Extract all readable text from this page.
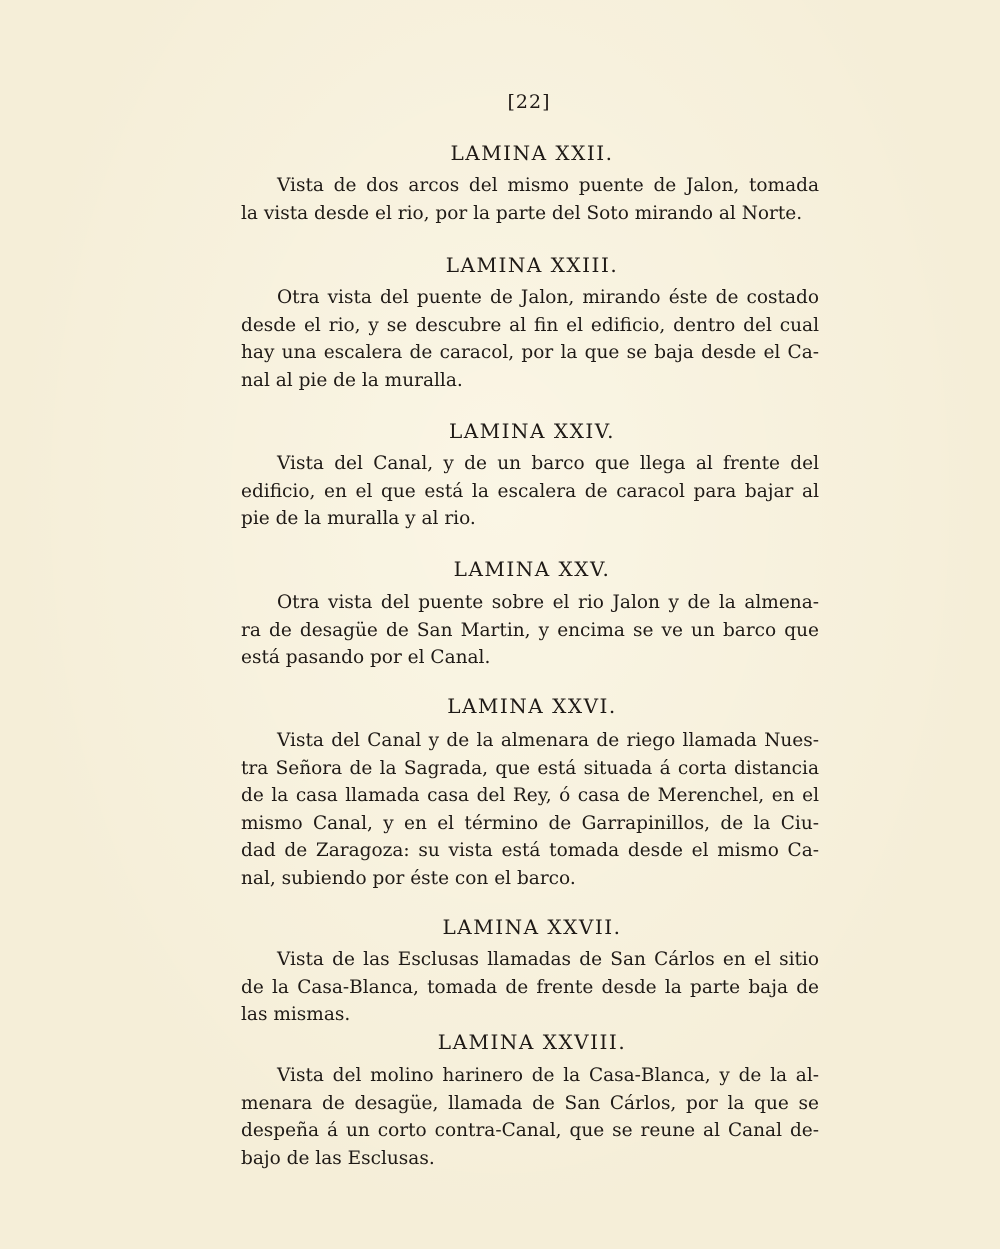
[22]
LAMINA XXII.
Vista de dos arcos del mismo puente de Jalon, tomada
la vista desde el rio, por la parte del Soto mirando al Norte.
LAMINA XXIII.
Otra vista del puente de Jalon, mirando éste de costado
desde el rio, y se descubre al fin el edificio, dentro del cual
hay una escalera de caracol, por la que se baja desde el Ca-
nal al pie de la muralla.
LAMINA XXIV.
Vista del Canal, y de un barco que llega al frente del
edificio, en el que está la escalera de caracol para bajar al
pie de la muralla y al rio.
LAMINA XXV.
Otra vista del puente sobre el rio Jalon y de la almena-
ra de desagüe de San Martin, y encima se ve un barco que
está pasando por el Canal.
LAMINA XXVI.
Vista del Canal y de la almenara de riego llamada Nues-
tra Señora de la Sagrada, que está situada á corta distancia
de la casa llamada casa del Rey, ó casa de Merenchel, en el
mismo Canal, y en el término de Garrapinillos, de la Ciu-
dad de Zaragoza: su vista está tomada desde el mismo Ca-
nal, subiendo por éste con el barco.
LAMINA XXVII.
Vista de las Esclusas llamadas de San Cárlos en el sitio
de la Casa-Blanca, tomada de frente desde la parte baja de
las mismas.
LAMINA XXVIII.
Vista del molino harinero de la Casa-Blanca, y de la al-
menara de desagüe, llamada de San Cárlos, por la que se
despeña á un corto contra-Canal, que se reune al Canal de-
bajo de las Esclusas.
